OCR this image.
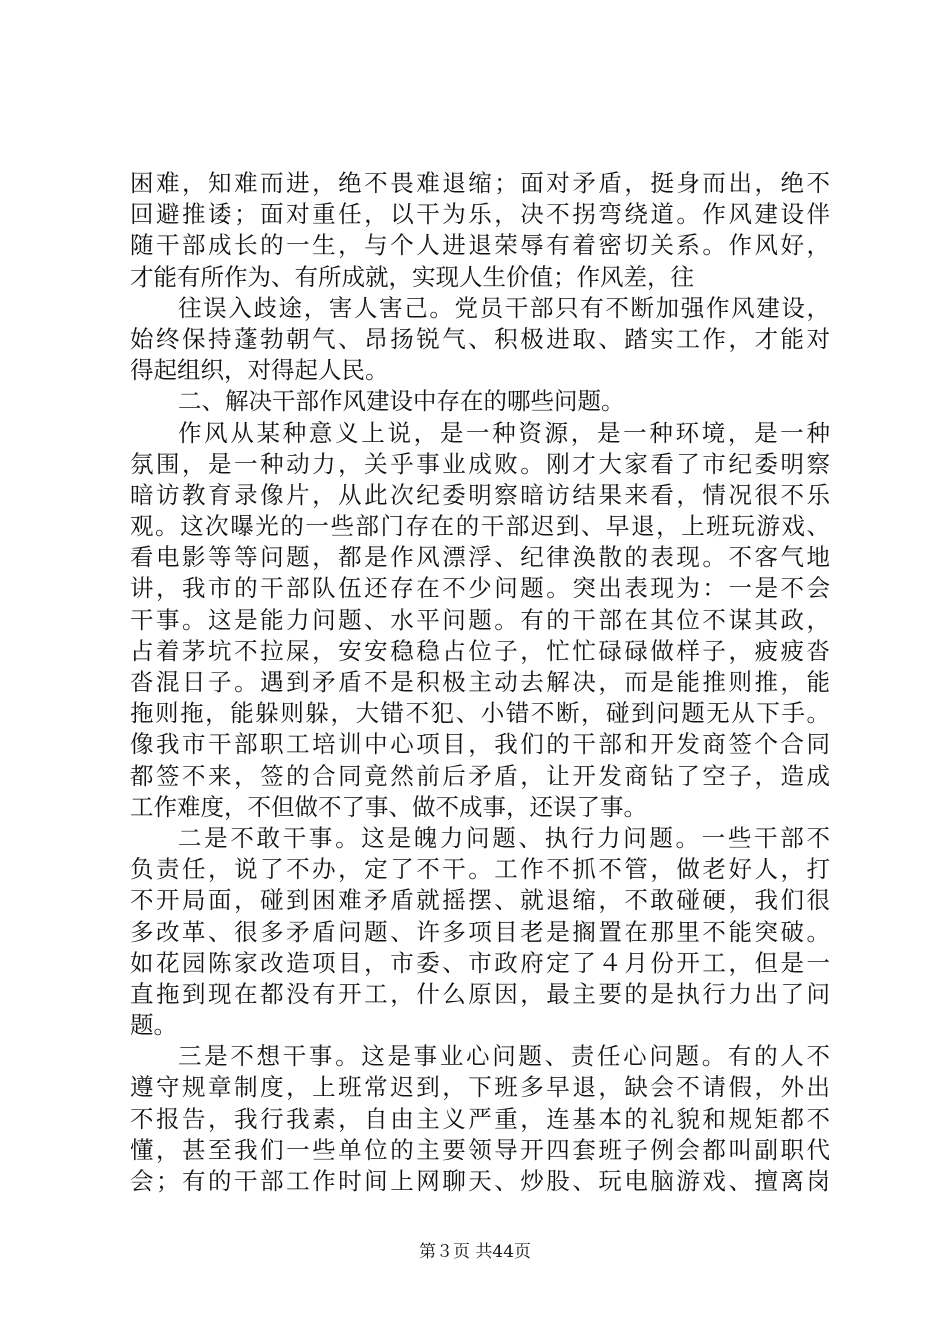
困难，知难而进，绝不畏难退缩；面对矛盾，挺身而出，绝不
回避推诿；面对重任，以干为乐，决不拐弯绕道。作风建设伴
随干部成长的一生，与个人进退荣辱有着密切关系。作风好，
才能有所作为、有所成就，实现人生价值；作风差，往
往误入歧途，害人害己。党员干部只有不断加强作风建设，
始终保持蓬勃朝气、昂扬锐气、积极进取、踏实工作，才能对
得起组织，对得起人民。
二、解决干部作风建设中存在的哪些问题。
作风从某种意义上说，是一种资源，是一种环境，是一种
氛围，是一种动力，关乎事业成败。刚才大家看了市纪委明察
暗访教育录像片，从此次纪委明察暗访结果来看，情况很不乐
观。这次曝光的一些部门存在的干部迟到、早退，上班玩游戏、
看电影等等问题，都是作风漂浮、纪律涣散的表现。不客气地
讲，我市的干部队伍还存在不少问题。突出表现为：一是不会
干事。这是能力问题、水平问题。有的干部在其位不谋其政，
占着茅坑不拉屎，安安稳稳占位子，忙忙碌碌做样子，疲疲沓
沓混日子。遇到矛盾不是积极主动去解决，而是能推则推，能
拖则拖，能躲则躲，大错不犯、小错不断，碰到问题无从下手。
像我市干部职工培训中心项目，我们的干部和开发商签个合同
都签不来，签的合同竟然前后矛盾，让开发商钻了空子，造成
工作难度，不但做不了事、做不成事，还误了事。
二是不敢干事。这是魄力问题、执行力问题。一些干部不
负责任，说了不办，定了不干。工作不抓不管，做老好人，打
不开局面，碰到困难矛盾就摇摆、就退缩，不敢碰硬，我们很
多改革、很多矛盾问题、许多项目老是搁置在那里不能突破。
如花园陈家改造项目，市委、市政府定了４月份开工，但是一
直拖到现在都没有开工，什么原因，最主要的是执行力出了问
题。
三是不想干事。这是事业心问题、责任心问题。有的人不
遵守规章制度，上班常迟到，下班多早退，缺会不请假，外出
不报告，我行我素，自由主义严重，连基本的礼貌和规矩都不
懂，甚至我们一些单位的主要领导开四套班子例会都叫副职代
会；有的干部工作时间上网聊天、炒股、玩电脑游戏、擅离岗
第３页 共44页
